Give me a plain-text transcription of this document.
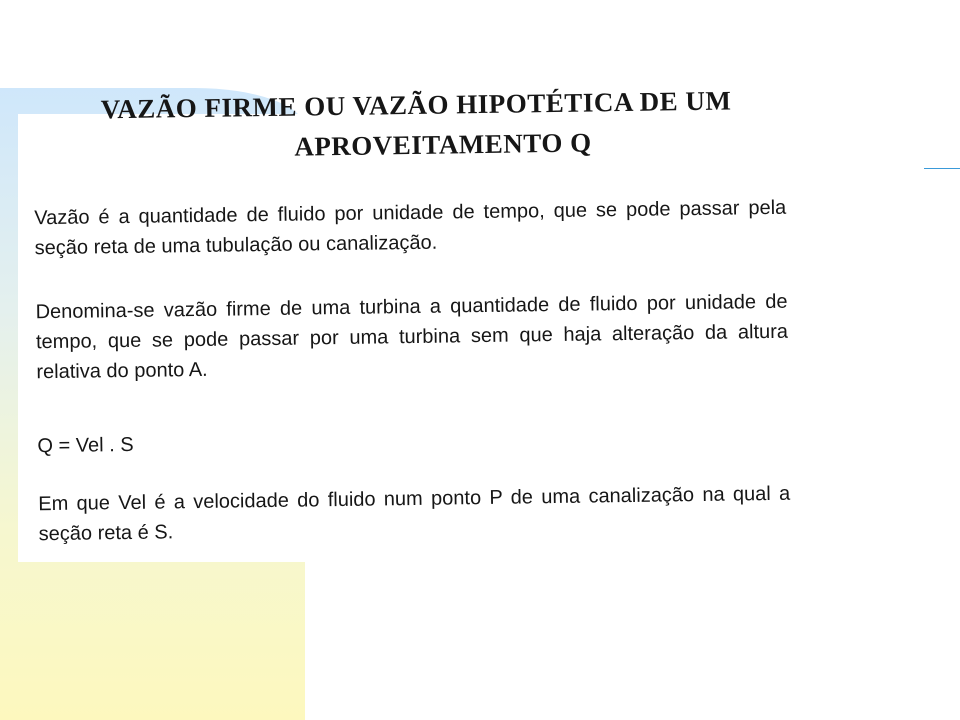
VAZÃO FIRME OU VAZÃO HIPOTÉTICA DE UM
APROVEITAMENTO Q

Vazão é a quantidade de fluido por unidade de tempo, que se pode passar pela seção reta de uma tubulação ou canalização.

Denomina-se vazão firme de uma turbina a quantidade de fluido por unidade de tempo, que se pode passar por uma turbina sem que haja alteração da altura relativa do ponto A.

Q = Vel . S

Em que Vel é a velocidade do fluido num ponto P de uma canalização na qual a seção reta é S.
